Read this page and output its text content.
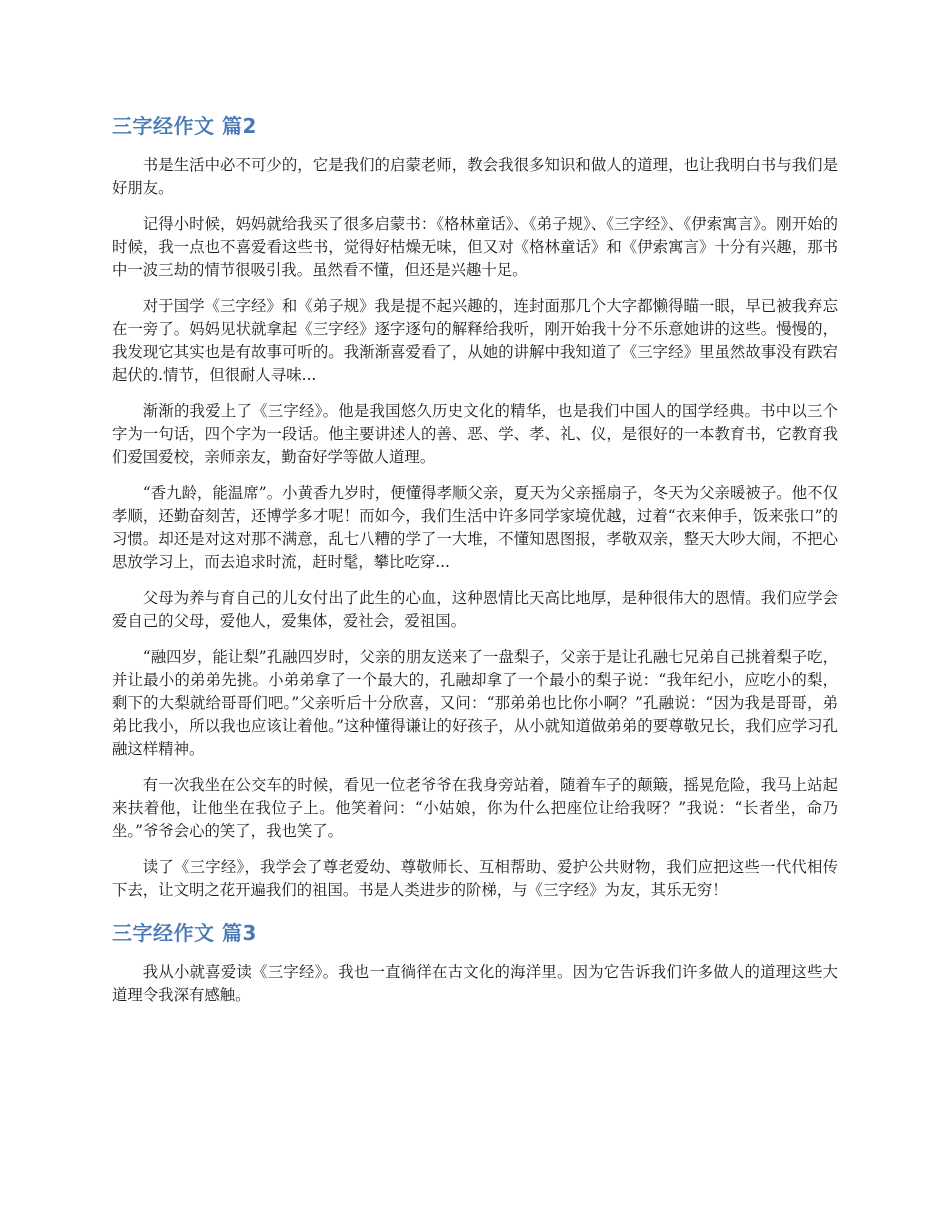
三字经作文 篇2

书是生活中必不可少的，它是我们的启蒙老师，教会我很多知识和做人的道理，也让我明白书与我们是好朋友。

记得小时候，妈妈就给我买了很多启蒙书：《格林童话》、《弟子规》、《三字经》、《伊索寓言》。刚开始的时候，我一点也不喜爱看这些书，觉得好枯燥无味，但又对《格林童话》和《伊索寓言》十分有兴趣，那书中一波三劫的情节很吸引我。虽然看不懂，但还是兴趣十足。

对于国学《三字经》和《弟子规》我是提不起兴趣的，连封面那几个大字都懒得瞄一眼，早已被我弃忘在一旁了。妈妈见状就拿起《三字经》逐字逐句的解释给我听，刚开始我十分不乐意她讲的这些。慢慢的，我发现它其实也是有故事可听的。我渐渐喜爱看了，从她的讲解中我知道了《三字经》里虽然故事没有跌宕起伏的.情节，但很耐人寻味...

渐渐的我爱上了《三字经》。他是我国悠久历史文化的精华，也是我们中国人的国学经典。书中以三个字为一句话，四个字为一段话。他主要讲述人的善、恶、学、孝、礼、仪，是很好的一本教育书，它教育我们爱国爱校，亲师亲友，勤奋好学等做人道理。

“香九龄，能温席”。小黄香九岁时，便懂得孝顺父亲，夏天为父亲摇扇子，冬天为父亲暖被子。他不仅孝顺，还勤奋刻苦，还博学多才呢！而如今，我们生活中许多同学家境优越，过着“衣来伸手，饭来张口”的习惯。却还是对这对那不满意，乱七八糟的学了一大堆，不懂知恩图报，孝敬双亲，整天大吵大闹，不把心思放学习上，而去追求时流，赶时髦，攀比吃穿...

父母为养与育自己的儿女付出了此生的心血，这种恩情比天高比地厚，是种很伟大的恩情。我们应学会爱自己的父母，爱他人，爱集体，爱社会，爱祖国。

“融四岁，能让梨”孔融四岁时，父亲的朋友送来了一盘梨子，父亲于是让孔融七兄弟自己挑着梨子吃，并让最小的弟弟先挑。小弟弟拿了一个最大的，孔融却拿了一个最小的梨子说：“我年纪小，应吃小的梨，剩下的大梨就给哥哥们吧。”父亲听后十分欣喜，又问：“那弟弟也比你小啊？”孔融说：“因为我是哥哥，弟弟比我小，所以我也应该让着他。”这种懂得谦让的好孩子，从小就知道做弟弟的要尊敬兄长，我们应学习孔融这样精神。

有一次我坐在公交车的时候，看见一位老爷爷在我身旁站着，随着车子的颠簸，摇晃危险，我马上站起来扶着他，让他坐在我位子上。他笑着问：“小姑娘，你为什么把座位让给我呀？”我说：“长者坐，命乃坐。”爷爷会心的笑了，我也笑了。

读了《三字经》，我学会了尊老爱幼、尊敬师长、互相帮助、爱护公共财物，我们应把这些一代代相传下去，让文明之花开遍我们的祖国。书是人类进步的阶梯，与《三字经》为友，其乐无穷！

三字经作文 篇3

我从小就喜爱读《三字经》。我也一直徜徉在古文化的海洋里。因为它告诉我们许多做人的道理这些大道理令我深有感触。
